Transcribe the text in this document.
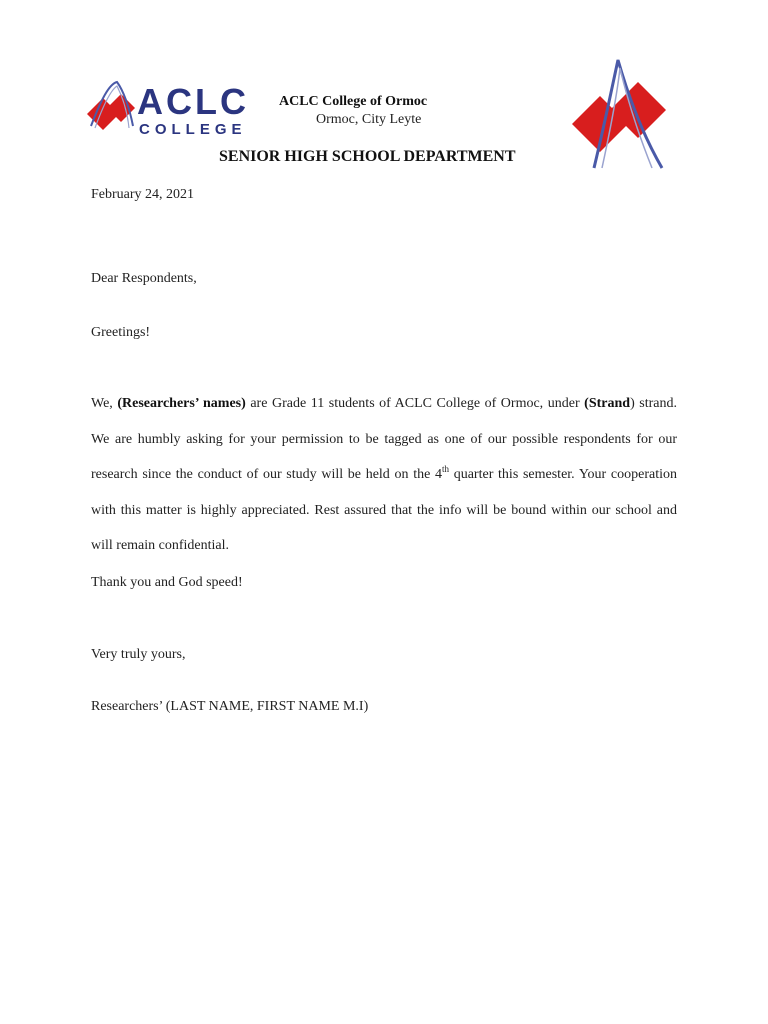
ACLC
COLLEGE
ACLC College of Ormoc
Ormoc, City Leyte
SENIOR HIGH SCHOOL DEPARTMENT
February 24, 2021
Dear Respondents,
Greetings!
We, (Researchers’ names) are Grade 11 students of ACLC College of Ormoc, under (Strand) strand. We are humbly asking for your permission to be tagged as one of our possible respondents for our research since the conduct of our study will be held on the 4th quarter this semester. Your cooperation with this matter is highly appreciated. Rest assured that the info will be bound within our school and will remain confidential.
Thank you and God speed!
Very truly yours,
Researchers’ (LAST NAME, FIRST NAME M.I)
